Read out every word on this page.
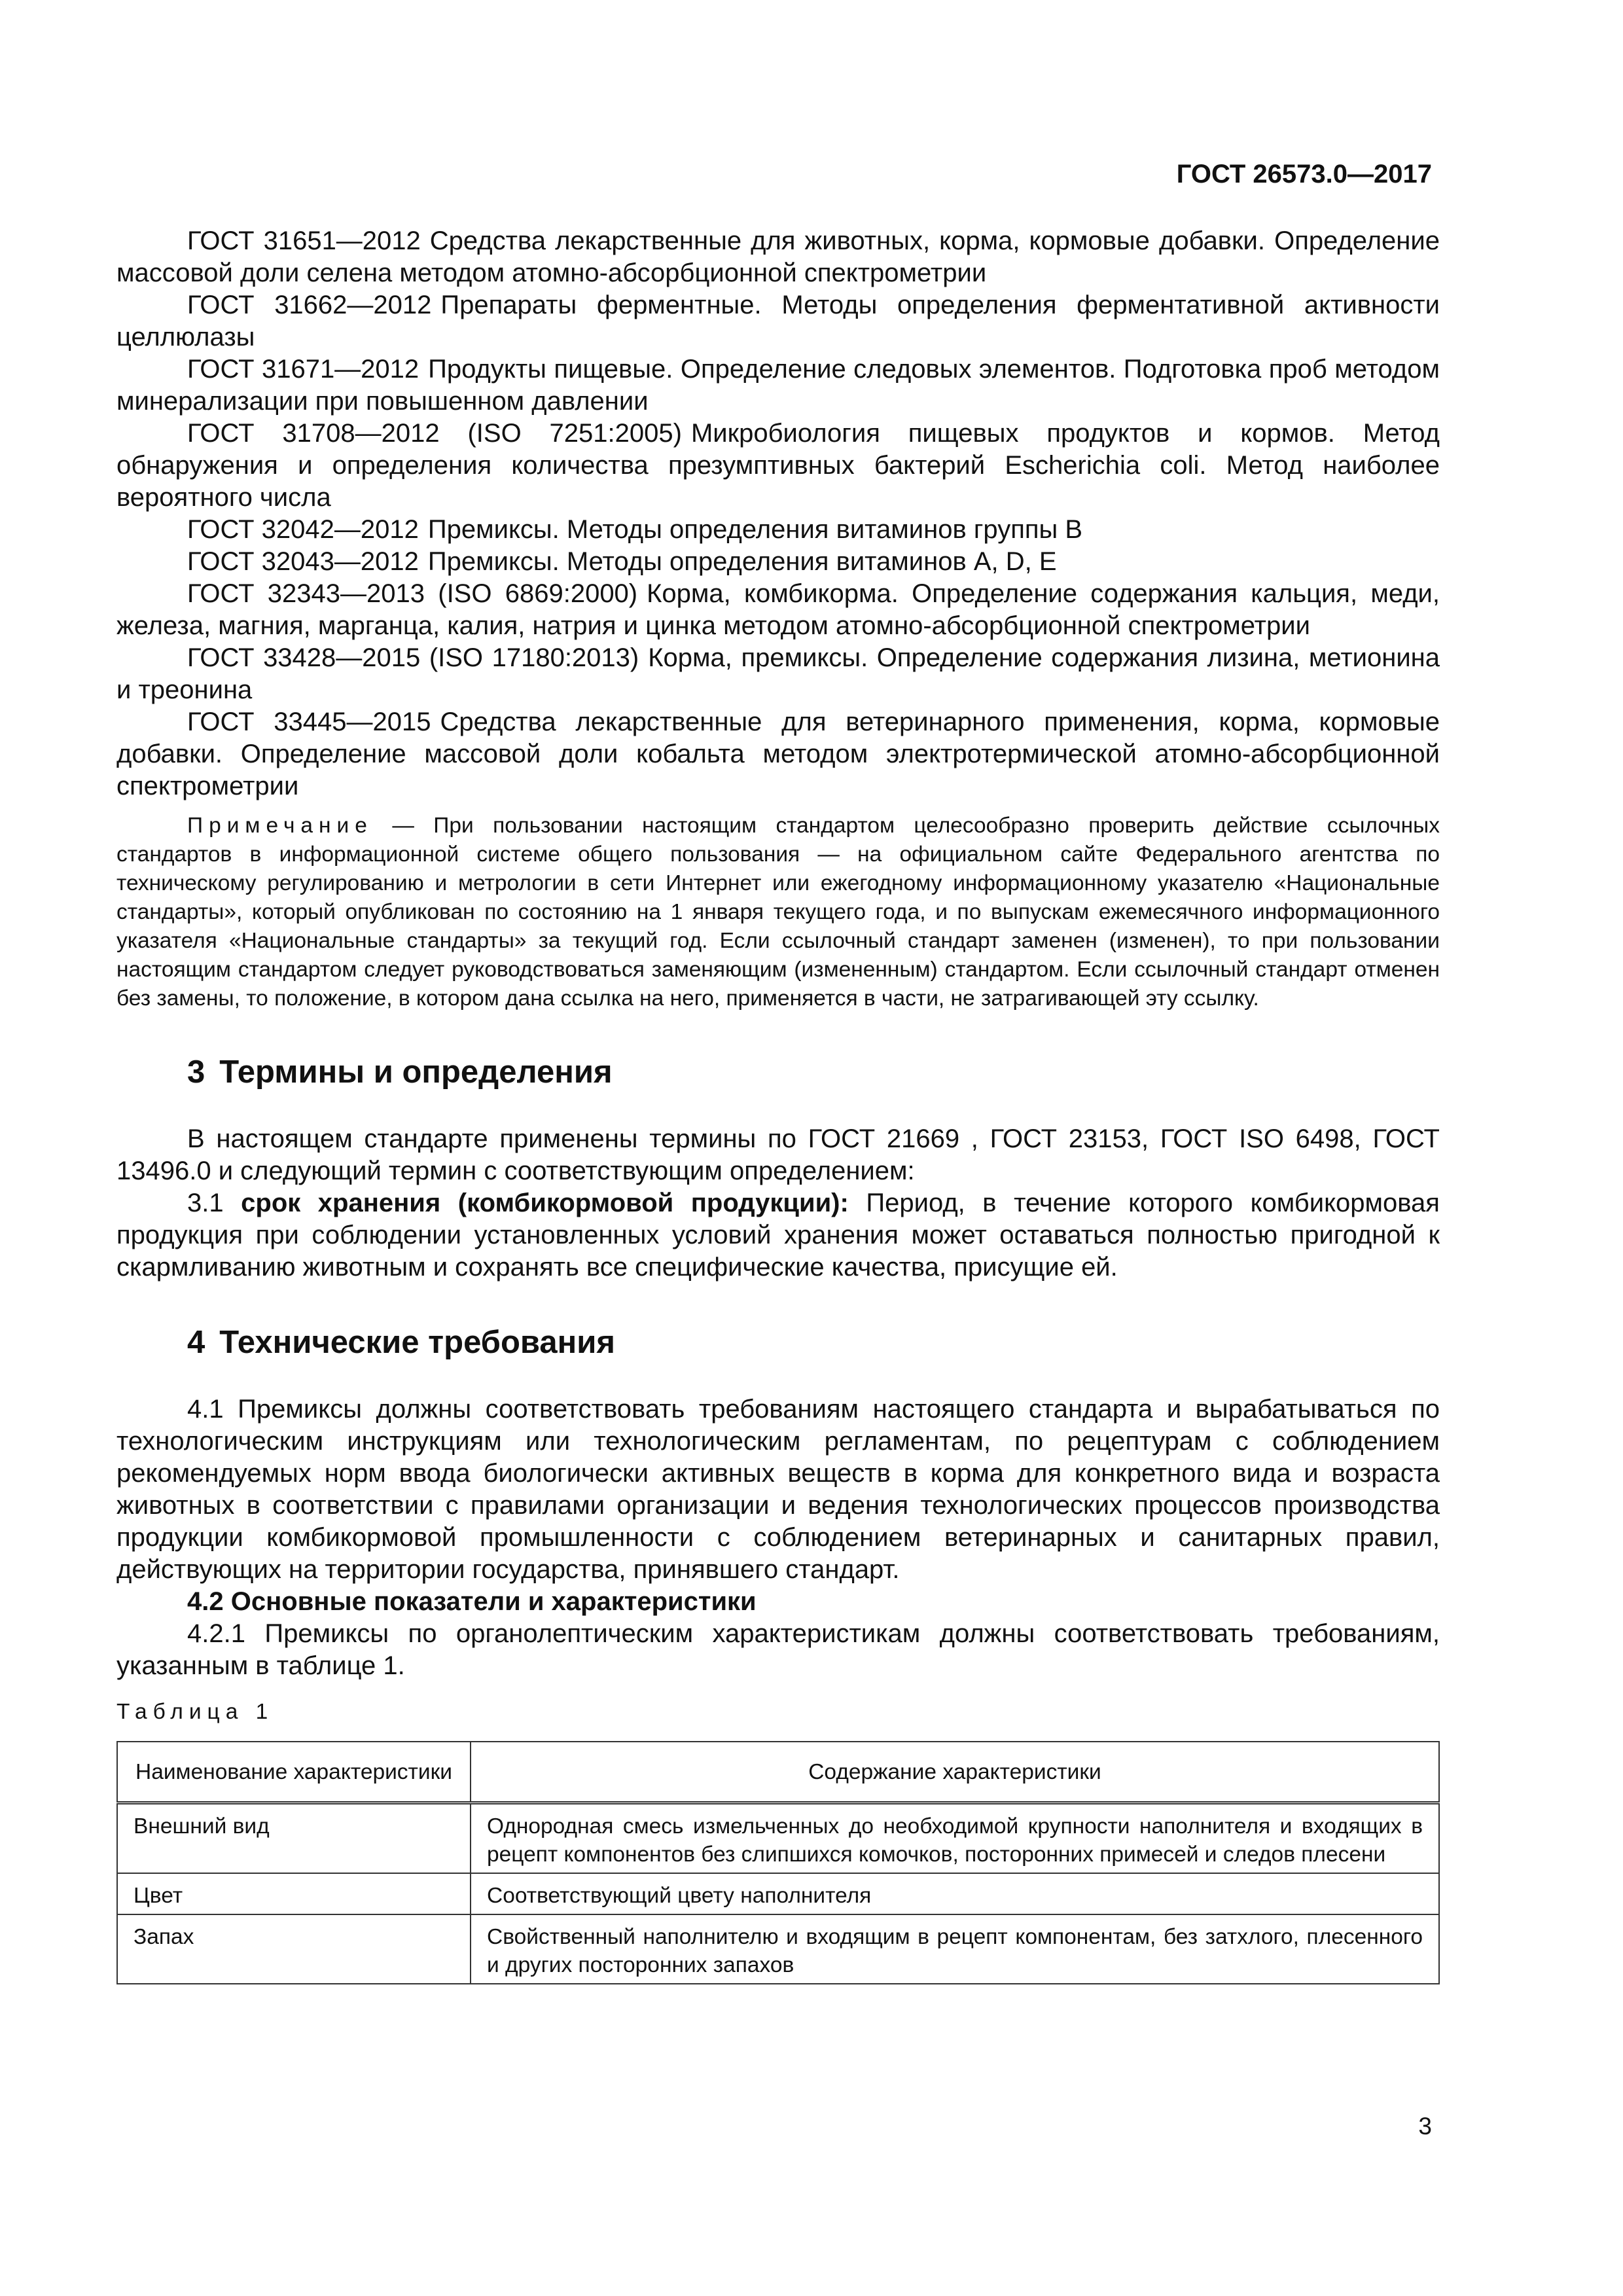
ГОСТ 26573.0—2017

ГОСТ 31651—2012 Средства лекарственные для животных, корма, кормовые добавки. Определение массовой доли селена методом атомно-абсорбционной спектрометрии

ГОСТ 31662—2012 Препараты ферментные. Методы определения ферментативной активности целлюлазы

ГОСТ 31671—2012 Продукты пищевые. Определение следовых элементов. Подготовка проб методом минерализации при повышенном давлении

ГОСТ 31708—2012 (ISO 7251:2005) Микробиология пищевых продуктов и кормов. Метод обнаружения и определения количества презумптивных бактерий Escherichia coli. Метод наиболее вероятного числа

ГОСТ 32042—2012 Премиксы. Методы определения витаминов группы В

ГОСТ 32043—2012 Премиксы. Методы определения витаминов А, D, Е

ГОСТ 32343—2013 (ISO 6869:2000) Корма, комбикорма. Определение содержания кальция, меди, железа, магния, марганца, калия, натрия и цинка методом атомно-абсорбционной спектрометрии

ГОСТ 33428—2015 (ISO 17180:2013) Корма, премиксы. Определение содержания лизина, метионина и треонина

ГОСТ 33445—2015 Средства лекарственные для ветеринарного применения, корма, кормовые добавки. Определение массовой доли кобальта методом электротермической атомно-абсорбционной спектрометрии

Примечание — При пользовании настоящим стандартом целесообразно проверить действие ссылочных стандартов в информационной системе общего пользования — на официальном сайте Федерального агентства по техническому регулированию и метрологии в сети Интернет или ежегодному информационному указателю «Национальные стандарты», который опубликован по состоянию на 1 января текущего года, и по выпускам ежемесячного информационного указателя «Национальные стандарты» за текущий год. Если ссылочный стандарт заменен (изменен), то при пользовании настоящим стандартом следует руководствоваться заменяющим (измененным) стандартом. Если ссылочный стандарт отменен без замены, то положение, в котором дана ссылка на него, применяется в части, не затрагивающей эту ссылку.

3 Термины и определения

В настоящем стандарте применены термины по ГОСТ 21669 , ГОСТ 23153, ГОСТ ISO 6498, ГОСТ 13496.0 и следующий термин с соответствующим определением:

3.1 срок хранения (комбикормовой продукции): Период, в течение которого комбикормовая продукция при соблюдении установленных условий хранения может оставаться полностью пригодной к скармливанию животным и сохранять все специфические качества, присущие ей.

4 Технические требования

4.1 Премиксы должны соответствовать требованиям настоящего стандарта и вырабатываться по технологическим инструкциям или технологическим регламентам, по рецептурам с соблюдением рекомендуемых норм ввода биологически активных веществ в корма для конкретного вида и возраста животных в соответствии с правилами организации и ведения технологических процессов производства продукции комбикормовой промышленности с соблюдением ветеринарных и санитарных правил, действующих на территории государства, принявшего стандарт.

4.2 Основные показатели и характеристики

4.2.1 Премиксы по органолептическим характеристикам должны соответствовать требованиям, указанным в таблице 1.

Таблица 1

Наименование характеристики	Содержание характеристики
Внешний вид	Однородная смесь измельченных до необходимой крупности наполнителя и входящих в рецепт компонентов без слипшихся комочков, посторонних примесей и следов плесени
Цвет	Соответствующий цвету наполнителя
Запах	Свойственный наполнителю и входящим в рецепт компонентам, без затхлого, плесенного и других посторонних запахов
3
